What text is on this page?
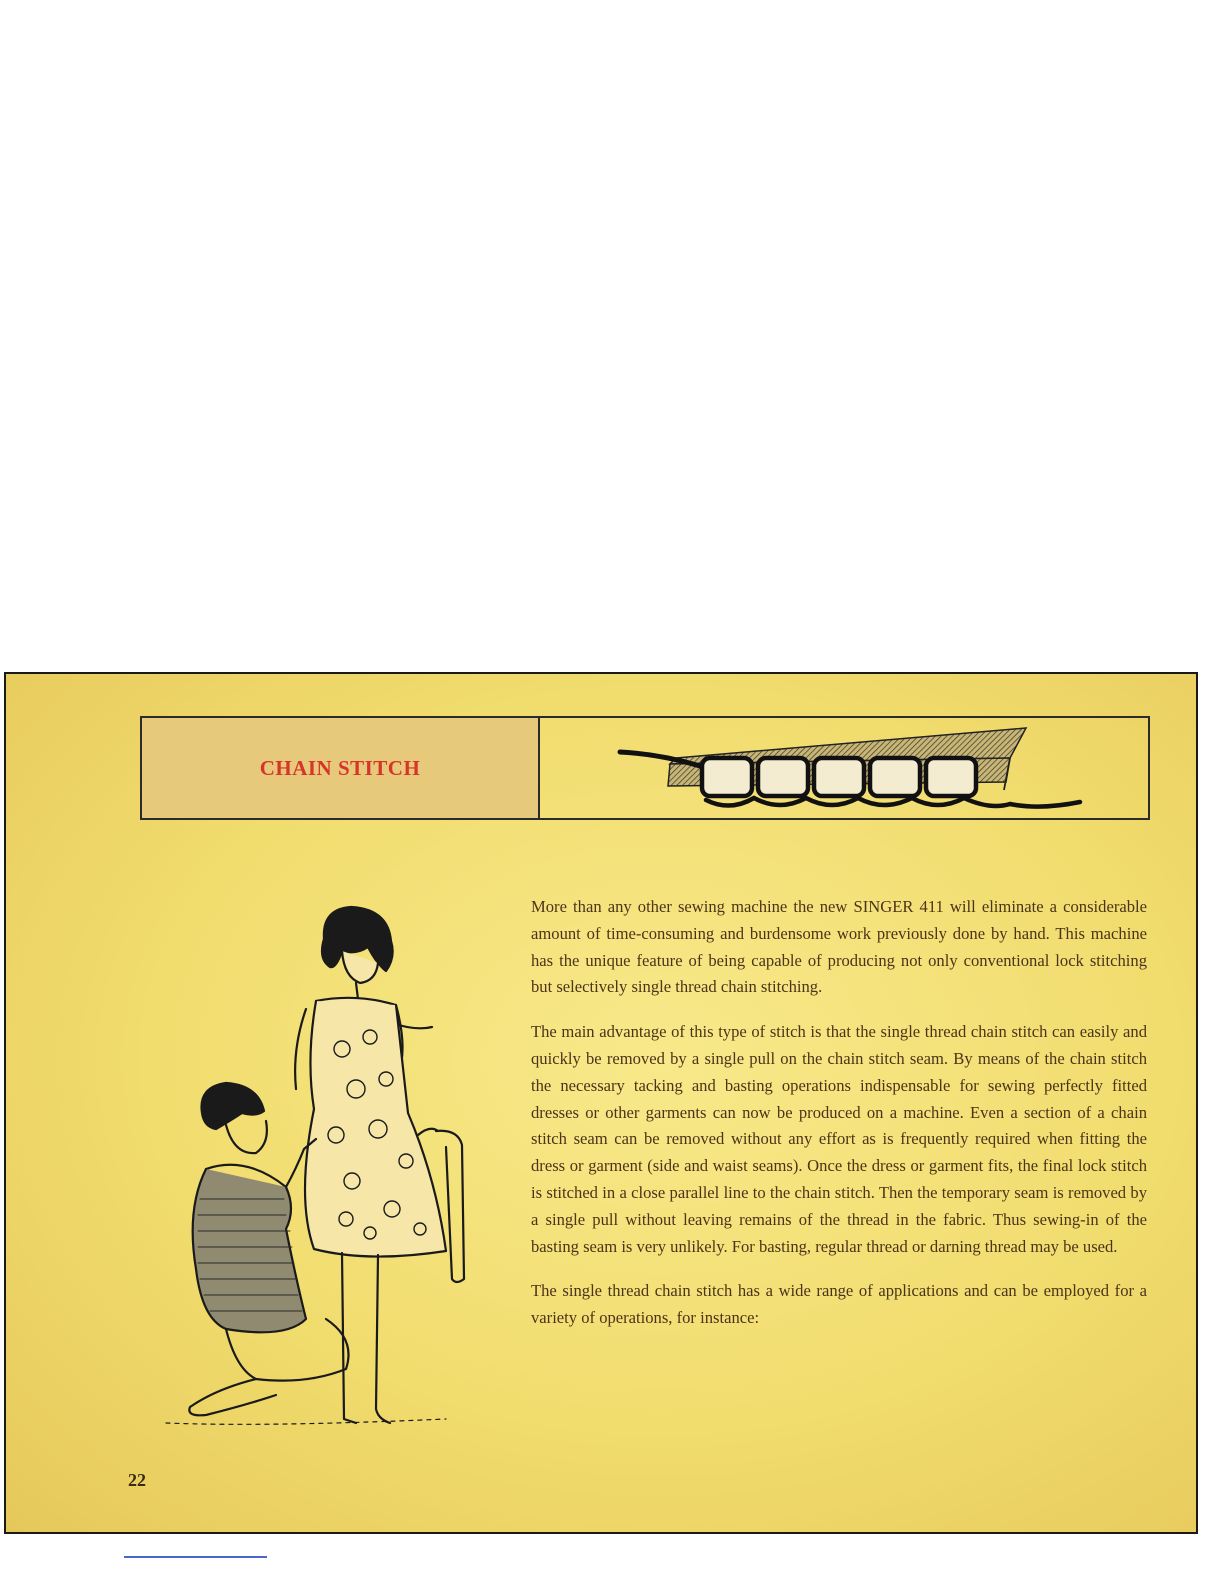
CHAIN STITCH

More than any other sewing machine the new SINGER 411 will eliminate a considerable amount of time-consuming and burdensome work previously done by hand. This machine has the unique feature of being capable of producing not only conventional lock stitching but selectively single thread chain stitching.

The main advantage of this type of stitch is that the single thread chain stitch can easily and quickly be removed by a single pull on the chain stitch seam. By means of the chain stitch the necessary tacking and basting operations indispensable for sewing perfectly fitted dresses or other garments can now be produced on a machine. Even a section of a chain stitch seam can be removed without any effort as is frequently required when fitting the dress or garment (side and waist seams). Once the dress or garment fits, the final lock stitch is stitched in a close parallel line to the chain stitch. Then the temporary seam is removed by a single pull without leaving remains of the thread in the fabric. Thus sewing-in of the basting seam is very unlikely. For basting, regular thread or darning thread may be used.

The single thread chain stitch has a wide range of applications and can be employed for a variety of operations, for instance:

22
